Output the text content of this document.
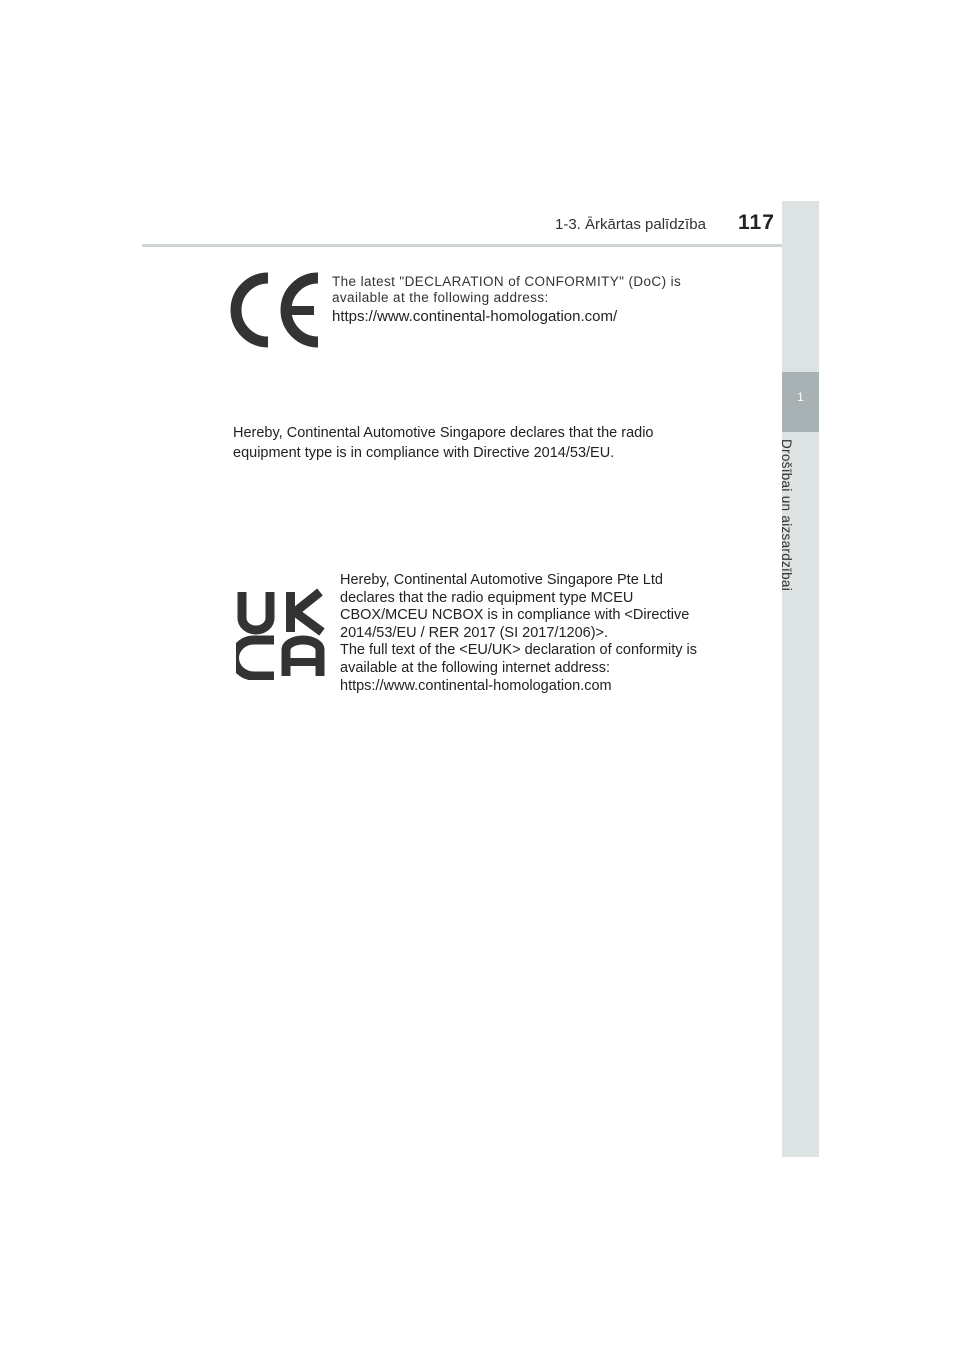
1-3. Ārkārtas palīdzība 117
1
Drošībai un aizsardzībai
The latest "DECLARATION of CONFORMITY" (DoC) is
available at the following address:
https://www.continental-homologation.com/
Hereby, Continental Automotive Singapore declares that the radio equipment type is in compliance with Directive 2014/53/EU.
Hereby, Continental Automotive Singapore Pte Ltd
declares that the radio equipment type MCEU
CBOX/MCEU NCBOX is in compliance with <Directive
2014/53/EU / RER 2017 (SI 2017/1206)>.
The full text of the <EU/UK> declaration of conformity is
available at the following internet address:
https://www.continental-homologation.com
